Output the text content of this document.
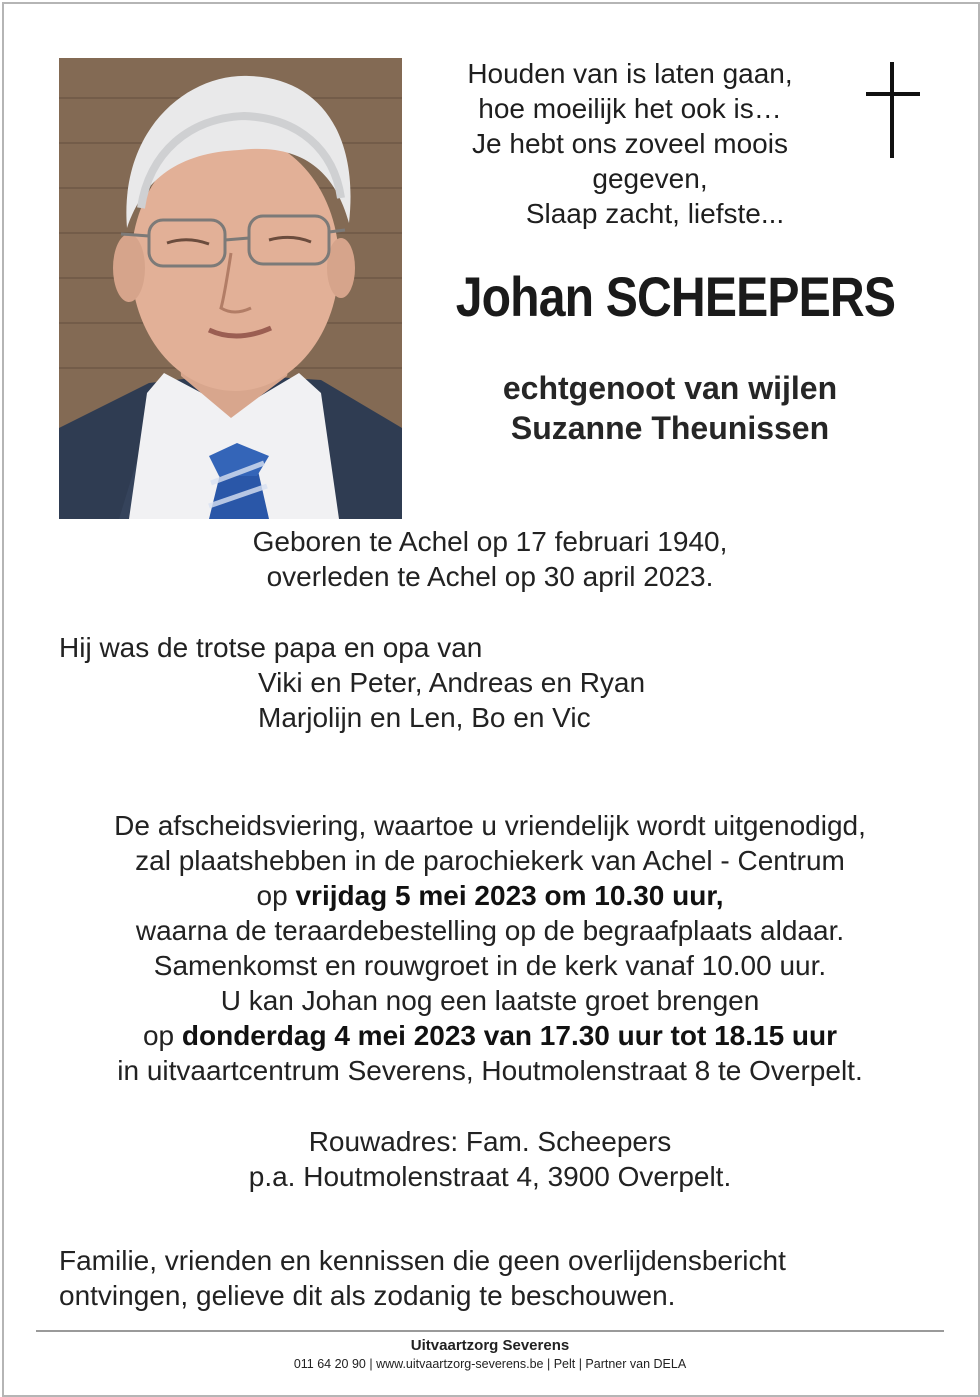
Houden van is laten gaan,
hoe moeilijk het ook is…
Je hebt ons zoveel moois
gegeven,
Slaap zacht, liefste...
Johan SCHEEPERS
echtgenoot van wijlen
Suzanne Theunissen
Geboren te Achel op 17 februari 1940,
overleden te Achel op 30 april 2023.
Hij was de trotse papa en opa van
Viki en Peter, Andreas en Ryan
Marjolijn en Len, Bo en Vic
De afscheidsviering, waartoe u vriendelijk wordt uitgenodigd,
zal plaatshebben in de parochiekerk van Achel - Centrum
op vrijdag 5 mei 2023 om 10.30 uur,
waarna de teraardebestelling op de begraafplaats aldaar.
Samenkomst en rouwgroet in de kerk vanaf 10.00 uur.
U kan Johan nog een laatste groet brengen
op donderdag 4 mei 2023 van 17.30 uur tot 18.15 uur
in uitvaartcentrum Severens, Houtmolenstraat 8 te Overpelt.
Rouwadres: Fam. Scheepers
p.a. Houtmolenstraat 4, 3900 Overpelt.
Familie, vrienden en kennissen die geen overlijdensbericht
ontvingen, gelieve dit als zodanig te beschouwen.
Uitvaartzorg Severens
011 64 20 90 | www.uitvaartzorg-severens.be | Pelt | Partner van DELA
